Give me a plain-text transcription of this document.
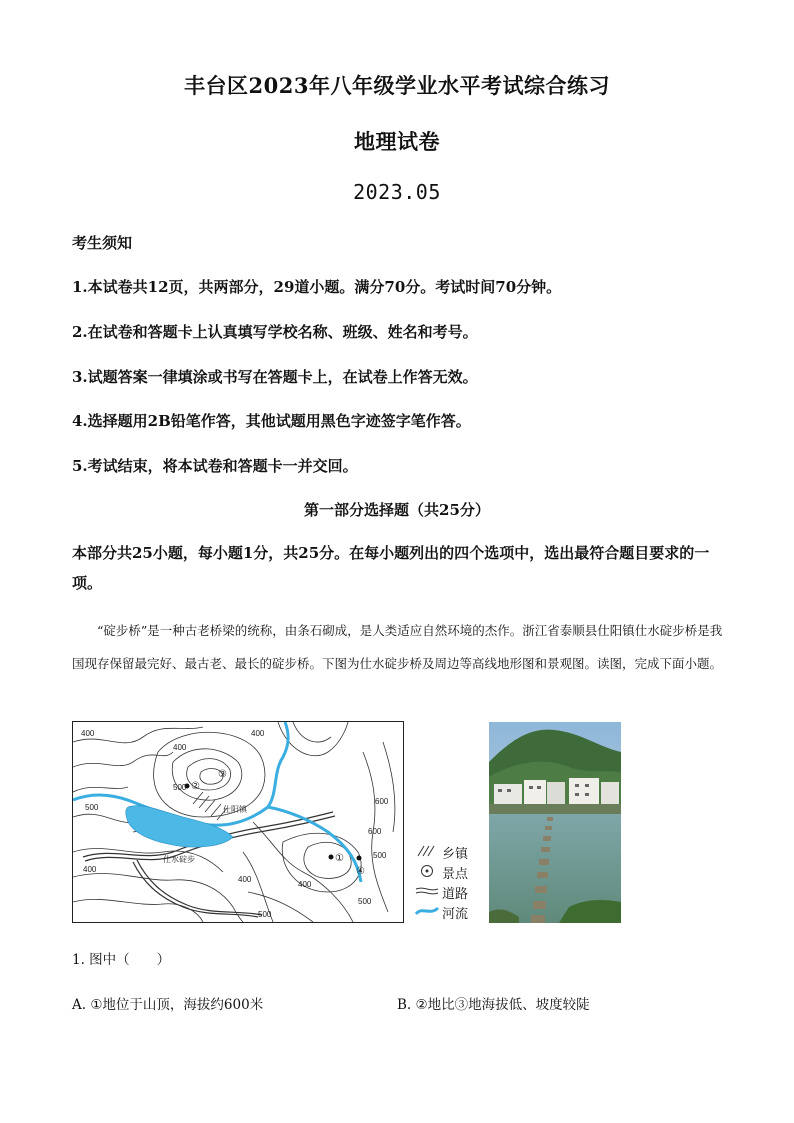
丰台区2023年八年级学业水平考试综合练习
地理试卷
2023.05
考生须知
1.本试卷共12页，共两部分，29道小题。满分70分。考试时间70分钟。
2.在试卷和答题卡上认真填写学校名称、班级、姓名和考号。
3.试题答案一律填涂或书写在答题卡上，在试卷上作答无效。
4.选择题用2B铅笔作答，其他试题用黑色字迹签字笔作答。
5.考试结束，将本试卷和答题卡一并交回。
第一部分选择题（共25分）
本部分共25小题，每小题1分，共25分。在每小题列出的四个选项中，选出最符合题目要求的一项。
“碇步桥”是一种古老桥梁的统称，由条石砌成，是人类适应自然环境的杰作。浙江省泰顺县仕阳镇仕水碇步桥是我国现存保留最完好、最古老、最长的碇步桥。下图为仕水碇步桥及周边等高线地形图和景观图。读图，完成下面小题。
400
400
400
500
600
600
500
400
500
500
400
500
400
仕阳镇
仕水碇步	①
②
③
④
乡镇
景点
道路
河流
1. 图中（　　）
A. ①地位于山顶，海拔约600米	B. ②地比③地海拔低、坡度较陡
